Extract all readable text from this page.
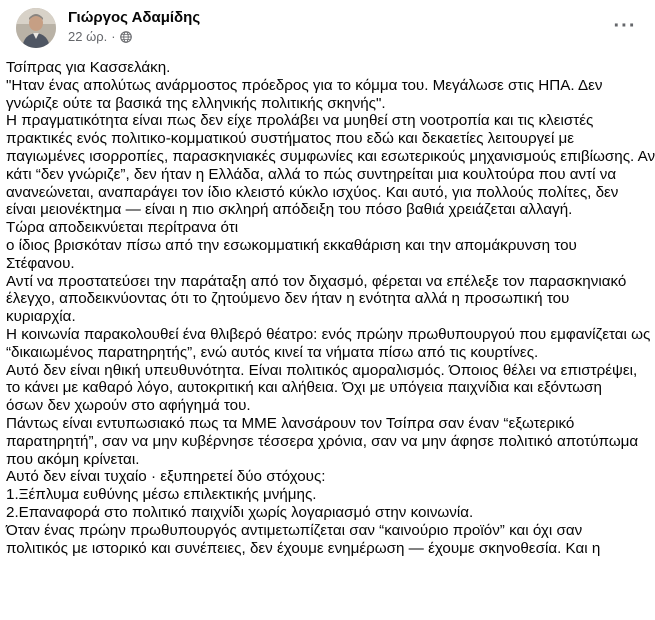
Γιώργος Αδαμίδης
22 ώρ. ·	···
Τσίπρας για Κασσελάκη.
"Ηταν ένας απολύτως ανάρμοστος πρόεδρος για το κόμμα του. Μεγάλωσε στις ΗΠΑ. Δεν
γνώριζε ούτε τα βασικά της ελληνικής πολιτικής σκηνής".
Η πραγματικότητα είναι πως δεν είχε προλάβει να μυηθεί στη νοοτροπία και τις κλειστές
πρακτικές ενός πολιτικο-κομματικού συστήματος που εδώ και δεκαετίες λειτουργεί με
παγιωμένες ισορροπίες, παρασκηνιακές συμφωνίες και εσωτερικούς μηχανισμούς επιβίωσης. Αν
κάτι “δεν γνώριζε”, δεν ήταν η Ελλάδα, αλλά το πώς συντηρείται μια κουλτούρα που αντί να
ανανεώνεται, αναπαράγει τον ίδιο κλειστό κύκλο ισχύος. Και αυτό, για πολλούς πολίτες, δεν
είναι μειονέκτημα — είναι η πιο σκληρή απόδειξη του πόσο βαθιά χρειάζεται αλλαγή.
Τώρα αποδεικνύεται περίτρανα ότι
ο ίδιος βρισκόταν πίσω από την εσωκομματική εκκαθάριση και την απομάκρυνση του
Στέφανου.
Αντί να προστατεύσει την παράταξη από τον διχασμό, φέρεται να επέλεξε τον παρασκηνιακό
έλεγχο, αποδεικνύοντας ότι το ζητούμενο δεν ήταν η ενότητα αλλά η προσωπική του
κυριαρχία.
Η κοινωνία παρακολουθεί ένα θλιβερό θέατρο: ενός πρώην πρωθυπουργού που εμφανίζεται ως
“δικαιωμένος παρατηρητής”, ενώ αυτός κινεί τα νήματα πίσω από τις κουρτίνες.
Αυτό δεν είναι ηθική υπευθυνότητα. Είναι πολιτικός αμοραλισμός. Όποιος θέλει να επιστρέψει,
το κάνει με καθαρό λόγο, αυτοκριτική και αλήθεια. Όχι με υπόγεια παιχνίδια και εξόντωση
όσων δεν χωρούν στο αφήγημά του.
Πάντως είναι εντυπωσιακό πως τα ΜΜΕ λανσάρουν τον Τσίπρα σαν έναν “εξωτερικό
παρατηρητή”, σαν να μην κυβέρνησε τέσσερα χρόνια, σαν να μην άφησε πολιτικό αποτύπωμα
που ακόμη κρίνεται.
Αυτό δεν είναι τυχαίο · εξυπηρετεί δύο στόχους:
1.Ξέπλυμα ευθύνης μέσω επιλεκτικής μνήμης.
2.Επαναφορά στο πολιτικό παιχνίδι χωρίς λογαριασμό στην κοινωνία.
Όταν ένας πρώην πρωθυπουργός αντιμετωπίζεται σαν “καινούριο προϊόν” και όχι σαν
πολιτικός με ιστορικό και συνέπειες, δεν έχουμε ενημέρωση — έχουμε σκηνοθεσία. Και η
